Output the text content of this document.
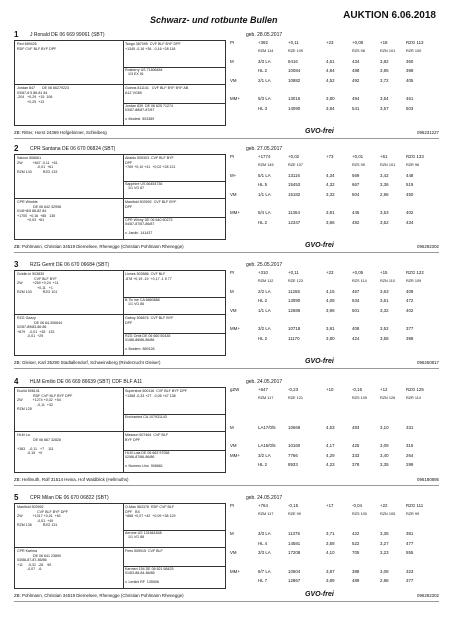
Schwarz- und rotbunte Bullen	AUKTION 6.06.2018
1 J Ronald DE 06 669 99061 (SBT)	geb. 28.05.2017
Red 689426
RDF CVF BLF BYF DPF
Tango 387099  CVF BLF BYF DPF
+1345 -0,16 +36  -0,16 +28 118
Rosberry US 71806484
1/3 EX 91
Jordan 847       DE 06 66279223
03/87-8 5 88-81 84
-204   +0,29  +15  106
+0,25  +13
Guinns 811141   CVF BLF BYF BYF AB
A1Z VG89
Jordan 839  DE 06 625 71274
03/87-88/87-87/87

v. Modest  503389
PI	+392	+0,11	+23	+0,08	+18	RZG 113
RZM 114	RZE 109	RZS 98	RZN 101	RZR 100
M	3/3 LA	9416	4,61	434	3,82	360
HL 2	10084	4,84	488	3,95	398
VM	2/1 LA	10882	4,52	492	3,72	405
MM+	5/3 LA	13016	3,80	494	3,54	461
HL 3	14090	3,84	541	3,57	503
ZB: Ritter, Horst 24369 Hofgebinner, Schleiberg	GVO-frei	096231227
2 CPR Santana DE 06 670 06824 (SBT)	geb. 27.05.2017
Saloon 506661
ZW          +847 -0,11  +61
-0,01  +61
RZM 143           RZG 133
Altaldo 505303  CVF BLF BYF
DPF
+769 +0,10 +41  +0,02 +28 121
Sapphire US 66454736
1/1 VG 87
CPR Wimble
DE 06 642 32998
01/8+8/5 86-82 84
+1700  +0,16  +85   135
+0,03  +61
Manifold 503992  CVF BLF BYF
DPF
CPR Winny DE 06 640 60273
04/87-87/87-86/87

v. Jardin  141437
PI	+1774	+0,02	+73	+0,01	+61	RZG 133
RZM 145	RZE 107	RZS 95	RZN 101	RZR 96
M+	5/1 LA	13116	4,34	569	3,42	448
HL 5	15453	4,32	667	3,36	519
VM	1/1 LA	15182	3,32	504	2,96	450
MM+	5/4 LA	11364	3,91	445	3,53	402
HL 2	12347	3,86	482	3,52	434
ZB: Pohlmann, Christian 34519 Diemelsee, Rhenegge (Christian Pohlmann Rhenegge)	GVO-frei	096292302
3 RZG Gerrit DE 06 670 06684 (SBT)	geb. 25.05.2017
Goldin in 503839
CVF BLF BYF
ZW          +259 +0,24  +11
+0,11   +1
RZM 103           RZG 101
Liones 503586  CVF BLF
-878 +0,19 -19  +0,17 -1 5 77
B.Tiv ine CA 6860888
1/1 VG 86
RZG Gazzy
DE 06 64-306644
02/87-89/83-86 86
+879    -0,01  +35   133
-0,01  +29
Gaboy 506676  CVF BLF BYF
DPF
RZG Orbit DE 06 660 50435
01/86-86/86-86/86

v. Boslem  889128
PI	+310	+0,11	+23	+0,05	+15	RZG 122
RZM 112	RZE 123	RZS 114	RZN 110	RZR 109
M	2/2 LA	11265	4,15	467	3,63	409
HL 2	13090	4,08	534	3,61	472
VM	1/1 LA	12686	3,96	501	3,32	402
MM+	3/2 LA	10718	3,81	408	3,52	377
HL 2	11170	3,80	424	3,58	398
ZB: Gleiser, Karl 35290 Stadtallendorf, Schweinsberg (Rinderzucht Gleiser)	GVO-frei	096260817
4 HLM Emilio DE 06 669 86639 (SBT) CDF BLF A11	geb. 24.05.2017
Euclid 506141
RDF CVF BLF BYF DPF
ZW          +1274 +0,02  +54
-0,11  +32
RZM 125
Supershot 500116  CVF BLF BYF DPF
+1368 -0,33 +27  -0,06 +47 138
Enchanted CA 107931143
HLM La
DE 06 667 32826

+383    -0,11   +7    111
-0,15   +0
Missouri 507464  CVF BLF
BYF DPF
HLM Lola DE 06 663 97058
02/86-87/86-86/86

v. Numero Uno  506661
gZW	+647	-0,23	+10	-0,16	+12	RZG 125
RZM 117	RZE 121	RZS 109	RZN 126	RZR 114
M	LA17/0/5	10669	4,53	483	3,10	331
VM	LA15/0/6	10160	4,17	425	3,09	315
MM+	3/2 LA	7766	4,29	333	3,40	264
HL 2	8933	4,23	378	3,35	299
ZB: Hellmuth, Rolf 31514 Heina, Hof Waldblick (Hellmuths)	096180895
5 CPR Milan DE 06 670 06822 (SBT)	geb. 24.05.2017
Manifold 503992
CVF BLF BYF DPF
ZW          +1317 +0,01  +61
-0,01  +49
RZM 136           RZG 131
O-Man 563378  RDF CVF BLF
DPF   BX
+868 +0,07 +42  +0,09 +38 129
Aerone US 131661848
1/1 VG 88
CPR Karima
DE 06 641 23890
03/88-87-87-85/86
+11     -0,31  -28    90
-0,07   -6
Fires 505915  CVF BLF
Karmen 154 DE 06 621 68425
01/83-86-84-86/85

v. Lentini RF  135506
PI	+764	-0,15	+17	-0,04	+22	RZG 111
RZM 117	RZE 99	RZS 100	RZN 105	RZR 99
M	3/3 LA	11375	3,71	422	3,35	381
HL 4	14581	3,58	522	3,27	477
VM	3/3 LA	17208	4,10	705	3,23	555
MM+	8/7 LA	10504	3,87	388	3,08	323
HL 7	12867	3,89	489	2,98	377
ZB: Pohlmann, Christian 34519 Diemelsee, Rhenegge (Christian Pohlmann Rhenegge)	GVO-frei	096292302
